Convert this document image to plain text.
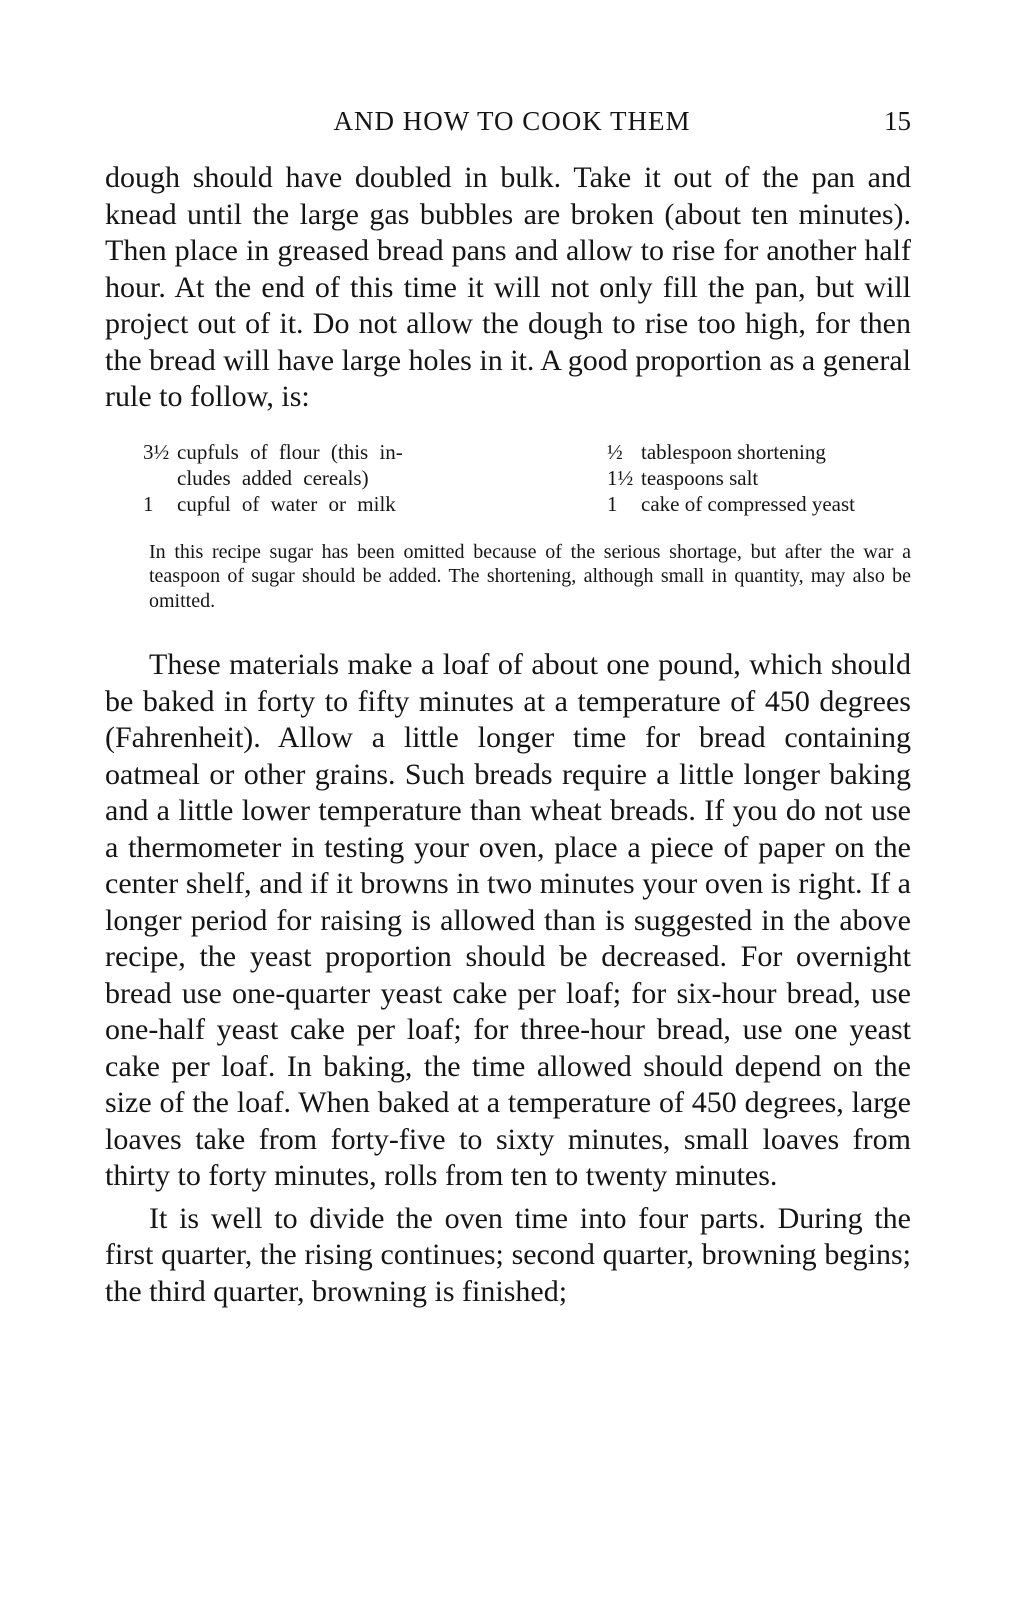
AND HOW TO COOK THEM	15

dough should have doubled in bulk. Take it out of the pan and knead until the large gas bubbles are broken (about ten minutes). Then place in greased bread pans and allow to rise for another half hour. At the end of this time it will not only fill the pan, but will project out of it. Do not allow the dough to rise too high, for then the bread will have large holes in it. A good proportion as a general rule to follow, is:

3½ cupfuls of flour (this in-
cludes added cereals)
1	cupful of water or milk
½ tablespoon shortening
1½ teaspoons salt
1	cake of compressed yeast
In this recipe sugar has been omitted because of the serious shortage, but after the war a teaspoon of sugar should be added. The shortening, although small in quantity, may also be omitted.

These materials make a loaf of about one pound, which should be baked in forty to fifty minutes at a temperature of 450 degrees (Fahrenheit). Allow a little longer time for bread containing oatmeal or other grains. Such breads require a little longer baking and a little lower temperature than wheat breads. If you do not use a thermometer in testing your oven, place a piece of paper on the center shelf, and if it browns in two minutes your oven is right. If a longer period for raising is allowed than is suggested in the above recipe, the yeast proportion should be decreased. For overnight bread use one-quarter yeast cake per loaf; for six-hour bread, use one-half yeast cake per loaf; for three-hour bread, use one yeast cake per loaf. In baking, the time allowed should depend on the size of the loaf. When baked at a temperature of 450 degrees, large loaves take from forty-five to sixty minutes, small loaves from thirty to forty minutes, rolls from ten to twenty minutes.

It is well to divide the oven time into four parts. During the first quarter, the rising continues; second quarter, browning begins; the third quarter, browning is finished;
